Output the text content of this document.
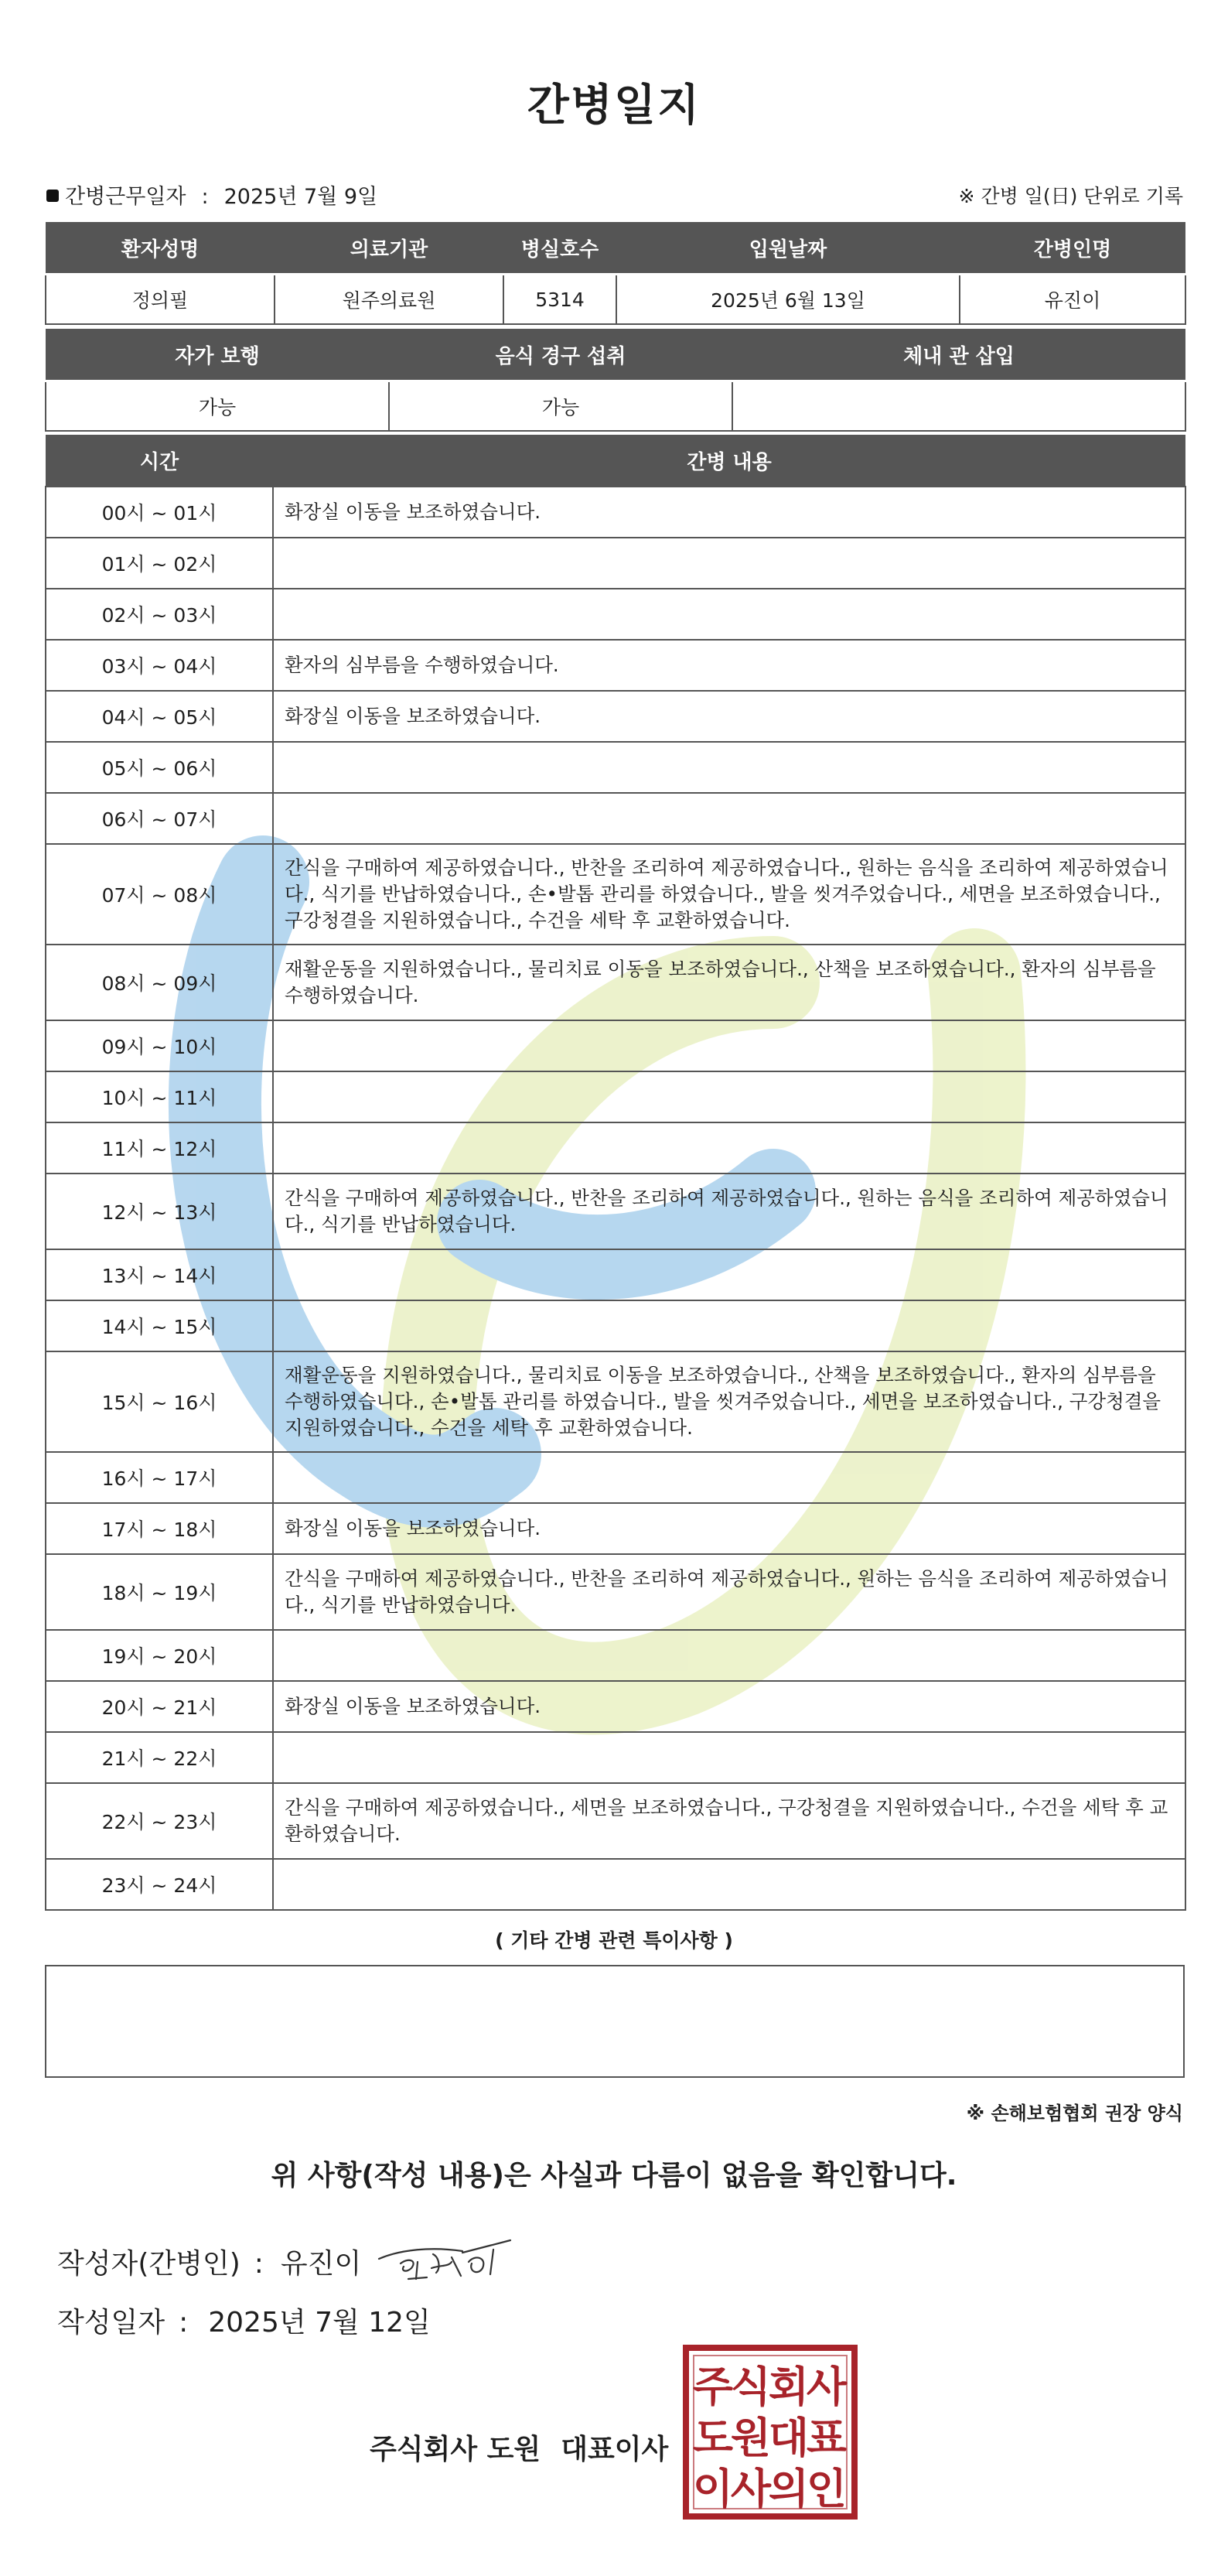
간병일지
간병근무일자 : 2025년 7월 9일	※ 간병 일(日) 단위로 기록
환자성명	의료기관	병실호수	입원날짜	간병인명
정의필	원주의료원	5314	2025년 6월 13일	유진이
자가 보행	음식 경구 섭취	체내 관 삽입
가능	가능	
시간	간병 내용
00시 ~ 01시	화장실 이동을 보조하였습니다.
01시 ~ 02시	
02시 ~ 03시	
03시 ~ 04시	환자의 심부름을 수행하였습니다.
04시 ~ 05시	화장실 이동을 보조하였습니다.
05시 ~ 06시	
06시 ~ 07시	
07시 ~ 08시	간식을 구매하여 제공하였습니다., 반찬을 조리하여 제공하였습니다., 원하는 음식을 조리하여 제공하였습니다., 식기를 반납하였습니다., 손•발톱 관리를 하였습니다., 발을 씻겨주었습니다., 세면을 보조하였습니다., 구강청결을 지원하였습니다., 수건을 세탁 후 교환하였습니다.
08시 ~ 09시	재활운동을 지원하였습니다., 물리치료 이동을 보조하였습니다., 산책을 보조하였습니다., 환자의 심부름을 수행하였습니다.
09시 ~ 10시	
10시 ~ 11시	
11시 ~ 12시	
12시 ~ 13시	간식을 구매하여 제공하였습니다., 반찬을 조리하여 제공하였습니다., 원하는 음식을 조리하여 제공하였습니다., 식기를 반납하였습니다.
13시 ~ 14시	
14시 ~ 15시	
15시 ~ 16시	재활운동을 지원하였습니다., 물리치료 이동을 보조하였습니다., 산책을 보조하였습니다., 환자의 심부름을 수행하였습니다., 손•발톱 관리를 하였습니다., 발을 씻겨주었습니다., 세면을 보조하였습니다., 구강청결을 지원하였습니다., 수건을 세탁 후 교환하였습니다.
16시 ~ 17시	
17시 ~ 18시	화장실 이동을 보조하였습니다.
18시 ~ 19시	간식을 구매하여 제공하였습니다., 반찬을 조리하여 제공하였습니다., 원하는 음식을 조리하여 제공하였습니다., 식기를 반납하였습니다.
19시 ~ 20시	
20시 ~ 21시	화장실 이동을 보조하였습니다.
21시 ~ 22시	
22시 ~ 23시	간식을 구매하여 제공하였습니다., 세면을 보조하였습니다., 구강청결을 지원하였습니다., 수건을 세탁 후 교환하였습니다.
23시 ~ 24시	
( 기타 간병 관련 특이사항 )
※ 손해보험협회 권장 양식
위 사항(작성 내용)은 사실과 다름이 없음을 확인합니다.
작성자(간병인) : 유진이
작성일자 : 2025년 7월 12일
주식회사 도원 대표이사
주
식
회
사
도
원
대
표
이
사
의
인
